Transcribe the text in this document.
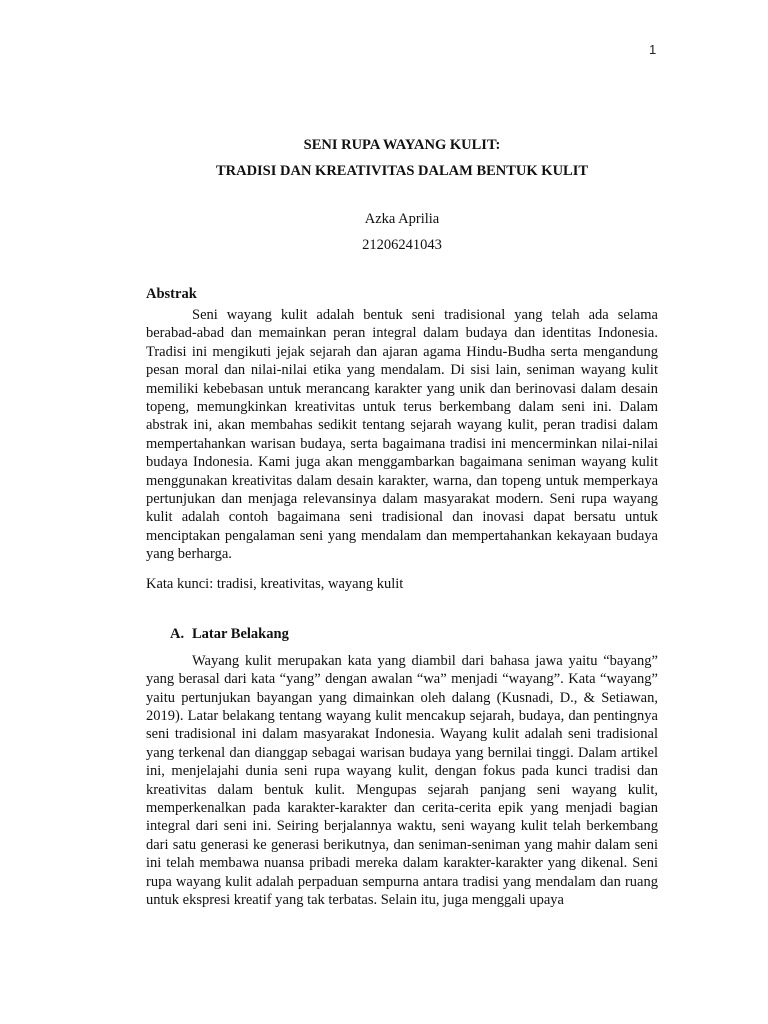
1

SENI RUPA WAYANG KULIT:

TRADISI DAN KREATIVITAS DALAM BENTUK KULIT

Azka Aprilia
21206241043
Abstrak

Seni wayang kulit adalah bentuk seni tradisional yang telah ada selama berabad-abad dan memainkan peran integral dalam budaya dan identitas Indonesia. Tradisi ini mengikuti jejak sejarah dan ajaran agama Hindu-Budha serta mengandung pesan moral dan nilai-nilai etika yang mendalam. Di sisi lain, seniman wayang kulit memiliki kebebasan untuk merancang karakter yang unik dan berinovasi dalam desain topeng, memungkinkan kreativitas untuk terus berkembang dalam seni ini. Dalam abstrak ini, akan membahas sedikit tentang sejarah wayang kulit, peran tradisi dalam mempertahankan warisan budaya, serta bagaimana tradisi ini mencerminkan nilai-nilai budaya Indonesia. Kami juga akan menggambarkan bagaimana seniman wayang kulit menggunakan kreativitas dalam desain karakter, warna, dan topeng untuk memperkaya pertunjukan dan menjaga relevansinya dalam masyarakat modern. Seni rupa wayang kulit adalah contoh bagaimana seni tradisional dan inovasi dapat bersatu untuk menciptakan pengalaman seni yang mendalam dan mempertahankan kekayaan budaya yang berharga.

Kata kunci: tradisi, kreativitas, wayang kulit
A. Latar Belakang

Wayang kulit merupakan kata yang diambil dari bahasa jawa yaitu “bayang” yang berasal dari kata “yang” dengan awalan “wa” menjadi “wayang”. Kata “wayang” yaitu pertunjukan bayangan yang dimainkan oleh dalang (Kusnadi, D., & Setiawan, 2019). Latar belakang tentang wayang kulit mencakup sejarah, budaya, dan pentingnya seni tradisional ini dalam masyarakat Indonesia. Wayang kulit adalah seni tradisional yang terkenal dan dianggap sebagai warisan budaya yang bernilai tinggi. Dalam artikel ini, menjelajahi dunia seni rupa wayang kulit, dengan fokus pada kunci tradisi dan kreativitas dalam bentuk kulit. Mengupas sejarah panjang seni wayang kulit, memperkenalkan pada karakter-karakter dan cerita-cerita epik yang menjadi bagian integral dari seni ini. Seiring berjalannya waktu, seni wayang kulit telah berkembang dari satu generasi ke generasi berikutnya, dan seniman-seniman yang mahir dalam seni ini telah membawa nuansa pribadi mereka dalam karakter-karakter yang dikenal. Seni rupa wayang kulit adalah perpaduan sempurna antara tradisi yang mendalam dan ruang untuk ekspresi kreatif yang tak terbatas. Selain itu, juga menggali upaya
